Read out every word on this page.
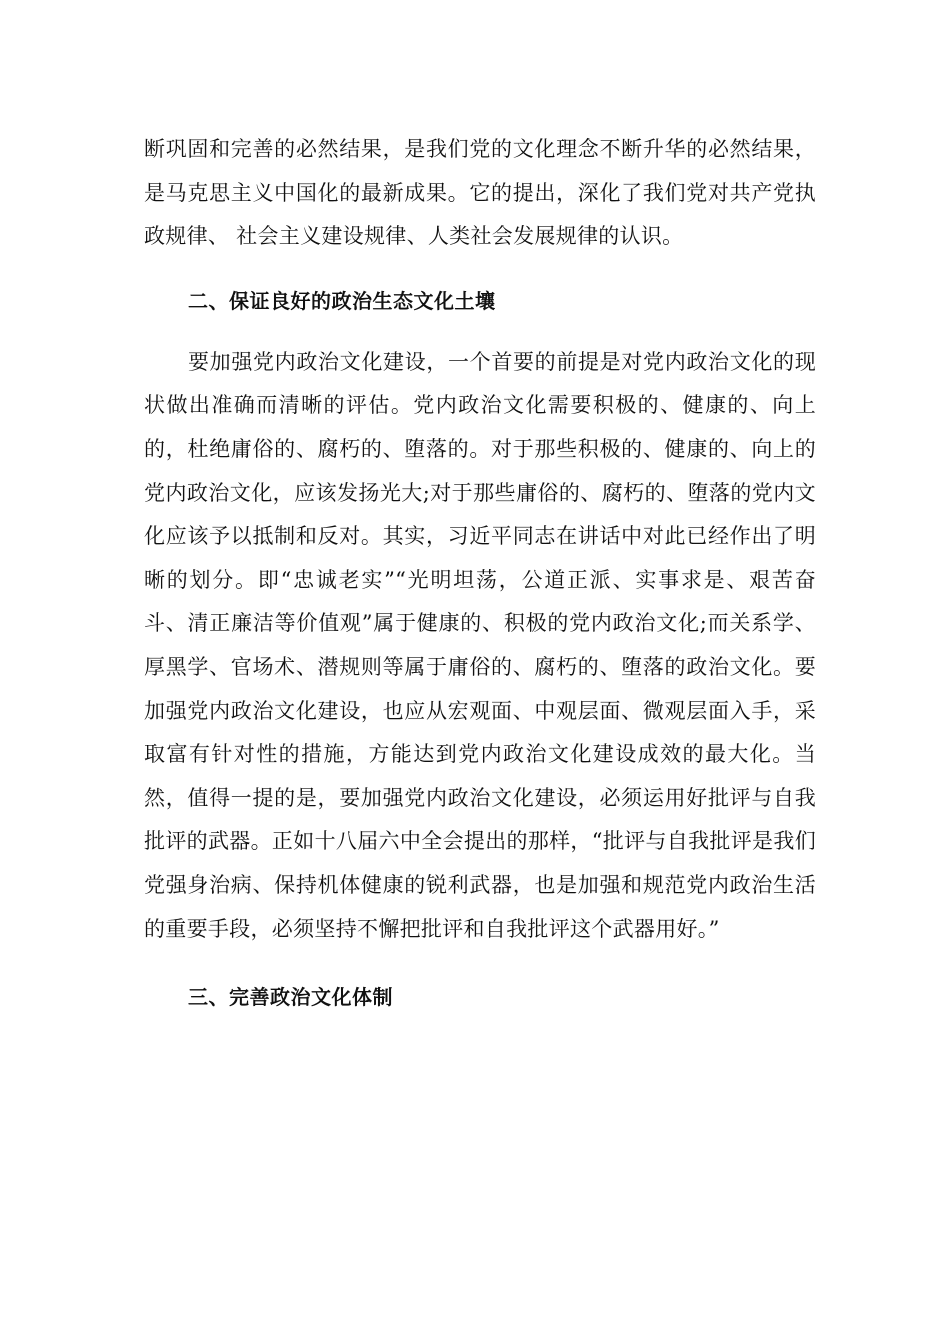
断巩固和完善的必然结果，是我们党的文化理念不断升华的必然结果，是马克思主义中国化的最新成果。它的提出，深化了我们党对共产党执政规律、 社会主义建设规律、人类社会发展规律的认识。

二、保证良好的政治生态文化土壤

要加强党内政治文化建设，一个首要的前提是对党内政治文化的现状做出准确而清晰的评估。党内政治文化需要积极的、健康的、向上的，杜绝庸俗的、腐朽的、堕落的。对于那些积极的、健康的、向上的党内政治文化，应该发扬光大;对于那些庸俗的、腐朽的、堕落的党内文化应该予以抵制和反对。其实，习近平同志在讲话中对此已经作出了明晰的划分。即“忠诚老实”“光明坦荡，公道正派、实事求是、艰苦奋斗、清正廉洁等价值观”属于健康的、积极的党内政治文化;而关系学、厚黑学、官场术、潜规则等属于庸俗的、腐朽的、堕落的政治文化。要加强党内政治文化建设，也应从宏观面、中观层面、微观层面入手，采取富有针对性的措施，方能达到党内政治文化建设成效的最大化。当然，值得一提的是，要加强党内政治文化建设，必须运用好批评与自我批评的武器。正如十八届六中全会提出的那样，“批评与自我批评是我们党强身治病、保持机体健康的锐利武器，也是加强和规范党内政治生活的重要手段，必须坚持不懈把批评和自我批评这个武器用好。”

三、完善政治文化体制
